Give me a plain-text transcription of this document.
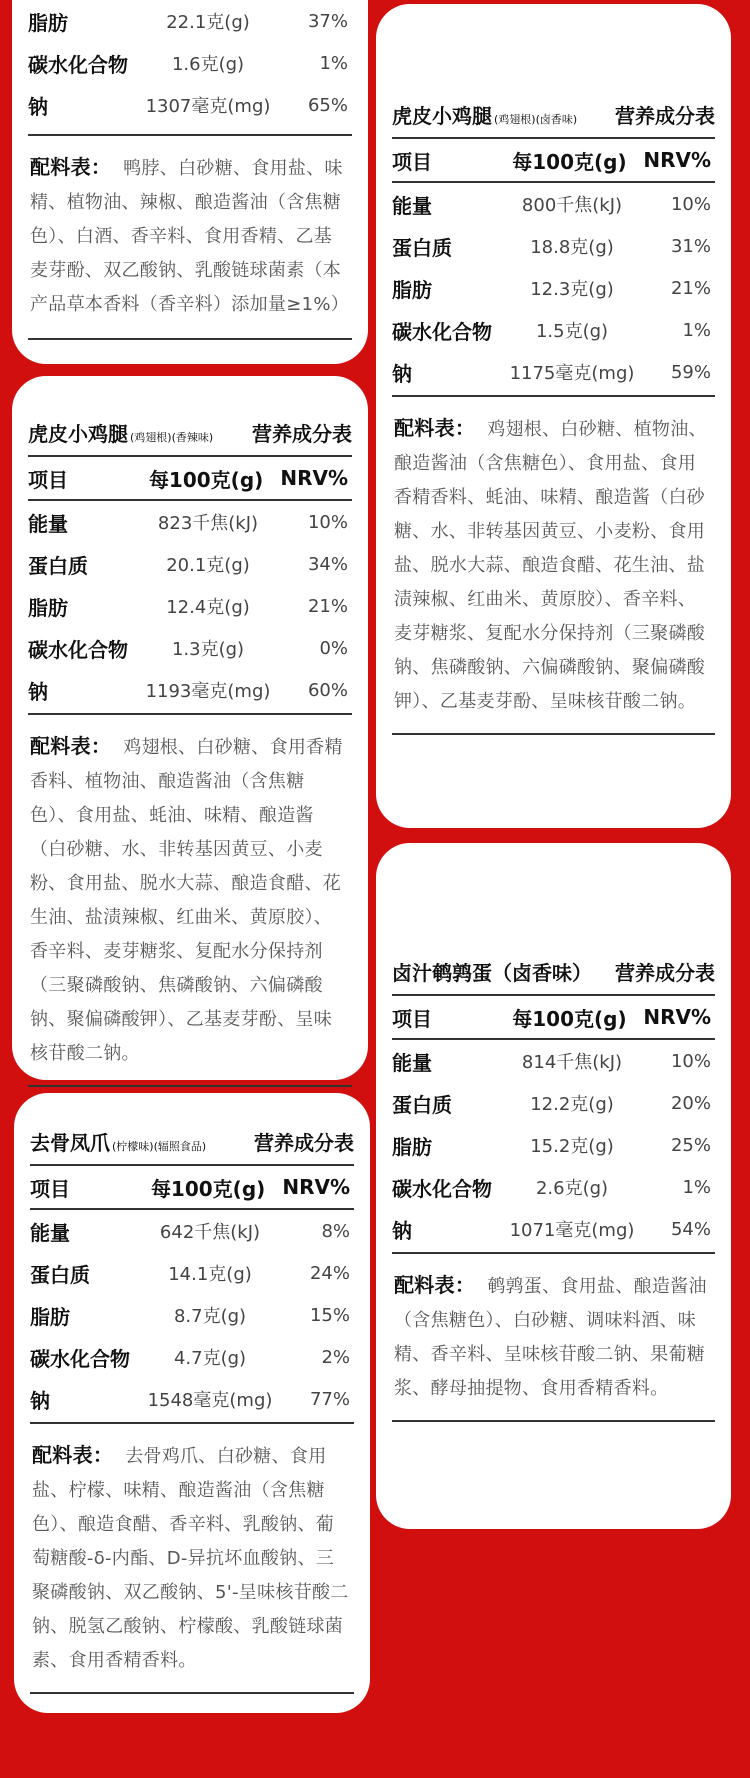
脂肪	22.1克(g)	37%
碳水化合物	1.6克(g)	1%
钠	1307毫克(mg)	65%
配料表： 鸭脖、白砂糖、食用盐、味精、植物油、辣椒、酿造酱油（含焦糖色）、白酒、香辛料、食用香精、乙基麦芽酚、双乙酸钠、乳酸链球菌素（本产品草本香料（香辛料）添加量≥1%）
虎皮小鸡腿 (鸡翅根)(香辣味) 营养成分表
项目	每100克(g) NRV%
能量	823千焦(kJ)	10%
蛋白质	20.1克(g)	34%
脂肪	12.4克(g)	21%
碳水化合物	1.3克(g)	0%
钠	1193毫克(mg)	60%
配料表： 鸡翅根、白砂糖、食用香精香料、植物油、酿造酱油（含焦糖色）、食用盐、蚝油、味精、酿造酱（白砂糖、水、非转基因黄豆、小麦粉、食用盐、脱水大蒜、酿造食醋、花生油、盐渍辣椒、红曲米、黄原胶）、香辛料、麦芽糖浆、复配水分保持剂（三聚磷酸钠、焦磷酸钠、六偏磷酸钠、聚偏磷酸钾）、乙基麦芽酚、呈味核苷酸二钠。
去骨凤爪 (柠檬味)(辐照食品) 营养成分表
项目	每100克(g) NRV%
能量	642千焦(kJ)	8%
蛋白质	14.1克(g)	24%
脂肪	8.7克(g)	15%
碳水化合物	4.7克(g)	2%
钠	1548毫克(mg)	77%
配料表： 去骨鸡爪、白砂糖、食用盐、柠檬、味精、酿造酱油（含焦糖色）、酿造食醋、香辛料、乳酸钠、葡萄糖酸-δ-内酯、D-异抗坏血酸钠、三聚磷酸钠、双乙酸钠、5'-呈味核苷酸二钠、脱氢乙酸钠、柠檬酸、乳酸链球菌素、食用香精香料。
虎皮小鸡腿 (鸡翅根)(卤香味) 营养成分表
项目	每100克(g) NRV%
能量	800千焦(kJ)	10%
蛋白质	18.8克(g)	31%
脂肪	12.3克(g)	21%
碳水化合物	1.5克(g)	1%
钠	1175毫克(mg)	59%
配料表： 鸡翅根、白砂糖、植物油、酿造酱油（含焦糖色）、食用盐、食用香精香料、蚝油、味精、酿造酱（白砂糖、水、非转基因黄豆、小麦粉、食用盐、脱水大蒜、酿造食醋、花生油、盐渍辣椒、红曲米、黄原胶）、香辛料、麦芽糖浆、复配水分保持剂（三聚磷酸钠、焦磷酸钠、六偏磷酸钠、聚偏磷酸钾）、乙基麦芽酚、呈味核苷酸二钠。
卤汁鹌鹑蛋（卤香味） 营养成分表
项目	每100克(g) NRV%
能量	814千焦(kJ)	10%
蛋白质	12.2克(g)	20%
脂肪	15.2克(g)	25%
碳水化合物	2.6克(g)	1%
钠	1071毫克(mg)	54%
配料表： 鹌鹑蛋、食用盐、酿造酱油（含焦糖色）、白砂糖、调味料酒、味精、香辛料、呈味核苷酸二钠、果葡糖浆、酵母抽提物、食用香精香料。
